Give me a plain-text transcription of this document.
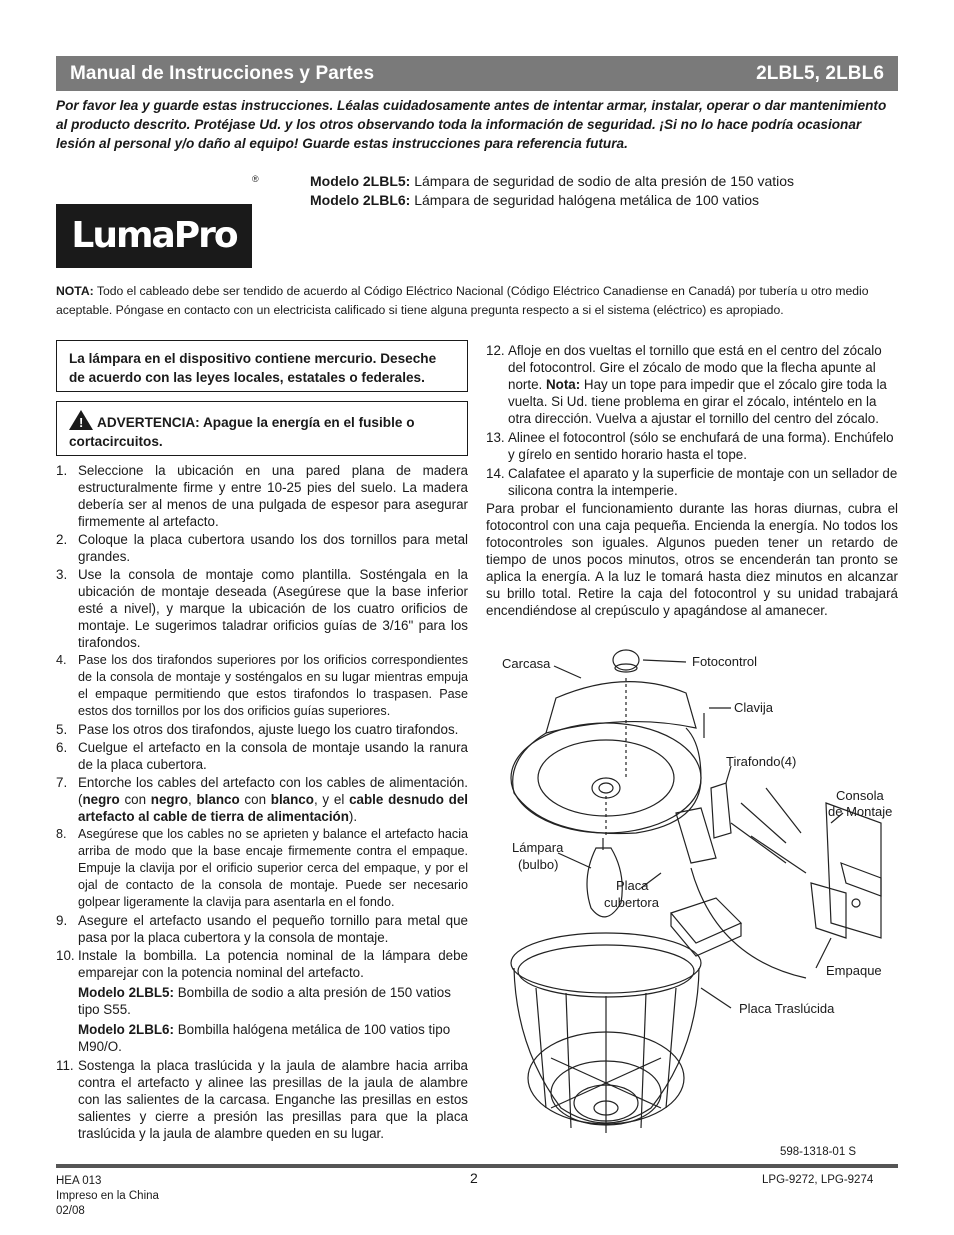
Manual de Instrucciones y Partes	2LBL5, 2LBL6
Por favor lea y guarde estas instrucciones. Léalas cuidadosamente antes de intentar armar, instalar, operar o dar mantenimiento al producto descrito. Protéjase Ud. y los otros observando toda la información de seguridad. ¡Si no lo hace podría ocasionar lesión al personal y/o daño al equipo! Guarde estas instrucciones para referencia futura.
LumaPro
®	Modelo 2LBL5: Lámpara de seguridad de sodio de alta presión de 150 vatios
Modelo 2LBL6: Lámpara de seguridad halógena metálica de 100 vatios
NOTA: Todo el cableado debe ser tendido de acuerdo al Código Eléctrico Nacional (Código Eléctrico Canadiense en Canadá) por tubería u otro medio aceptable. Póngase en contacto con un electricista calificado si tiene alguna pregunta respecto a si el sistema (eléctrico) es apropiado.
La lámpara en el dispositivo contiene mercurio. Deseche de acuerdo con las leyes locales, estatales o federales.
!ADVERTENCIA: Apague la energía en el fusible o cortacircuitos.
1. Seleccione la ubicación en una pared plana de madera estructuralmente firme y entre 10-25 pies del suelo. La madera debería ser al menos de una pulgada de espesor para asegurar firmemente al artefacto.
2. Coloque la placa cubertora usando los dos tornillos para metal grandes.
3. Use la consola de montaje como plantilla. Sosténgala en la ubicación de montaje deseada (Asegúrese que la base inferior esté a nivel), y marque la ubicación de los cuatro orificios de montaje. Le sugerimos taladrar orificios guías de 3/16" para los tirafondos.
4. Pase los dos tirafondos superiores por los orificios correspondientes de la consola de montaje y sosténgalos en su lugar mientras empuja el empaque permitiendo que estos tirafondos lo traspasen. Pase estos dos tornillos por los dos orificios guías superiores.
5. Pase los otros dos tirafondos, ajuste luego los cuatro tirafondos.
6. Cuelgue el artefacto en la consola de montaje usando la ranura de la placa cubertora.
7. Entorche los cables del artefacto con los cables de alimentación. (negro con negro, blanco con blanco, y el cable desnudo del artefacto al cable de tierra de alimentación).
8. Asegúrese que los cables no se aprieten y balance el artefacto hacia arriba de modo que la base encaje firmemente contra el empaque. Empuje la clavija por el orificio superior cerca del empaque, y por el ojal de contacto de la consola de montaje. Puede ser necesario golpear ligeramente la clavija para asentarla en el fondo.
9. Asegure el artefacto usando el pequeño tornillo para metal que pasa por la placa cubertora y la consola de montaje.
10. Instale la bombilla. La potencia nominal de la lámpara debe emparejar con la potencia nominal del artefacto.
Modelo 2LBL5: Bombilla de sodio a alta presión de 150 vatios tipo S55.
Modelo 2LBL6: Bombilla halógena metálica de 100 vatios tipo M90/O.
11. Sostenga la placa traslúcida y la jaula de alambre hacia arriba contra el artefacto y alinee las presillas de la jaula de alambre con las salientes de la carcasa. Enganche las presillas en estos salientes y cierre a presión las presillas para que la placa traslúcida y la jaula de alambre queden en su lugar.
12. Afloje en dos vueltas el tornillo que está en el centro del zócalo del fotocontrol. Gire el zócalo de modo que la flecha apunte al norte. Nota: Hay un tope para impedir que el zócalo gire toda la vuelta. Si Ud. tiene problema en girar el zócalo, inténtelo en la otra dirección. Vuelva a ajustar el tornillo del centro del zócalo.
13. Alinee el fotocontrol (sólo se enchufará de una forma). Enchúfelo y gírelo en sentido horario hasta el tope.
14. Calafatee el aparato y la superficie de montaje con un sellador de silicona contra la intemperie.
Para probar el funcionamiento durante las horas diurnas, cubra el fotocontrol con una caja pequeña. Encienda la energía. No todos los fotocontroles son iguales. Algunos pueden tener un retardo de tiempo de unos pocos minutos, otros se encenderán tan pronto se aplica la energía. A la luz le tomará hasta diez minutos en alcanzar su brillo total. Retire la caja del fotocontrol y su unidad trabajará encendiéndose al crepúsculo y apagándose al amanecer.
Carcasa	Fotocontrol
Clavija
Tirafondo(4)
Consola
de Montaje
Lámpara
(bulbo)
Placa
cubertora
Empaque
Placa Traslúcida
598-1318-01 S
HEA 013
Impreso en la China
02/08
2	LPG-9272, LPG-9274
